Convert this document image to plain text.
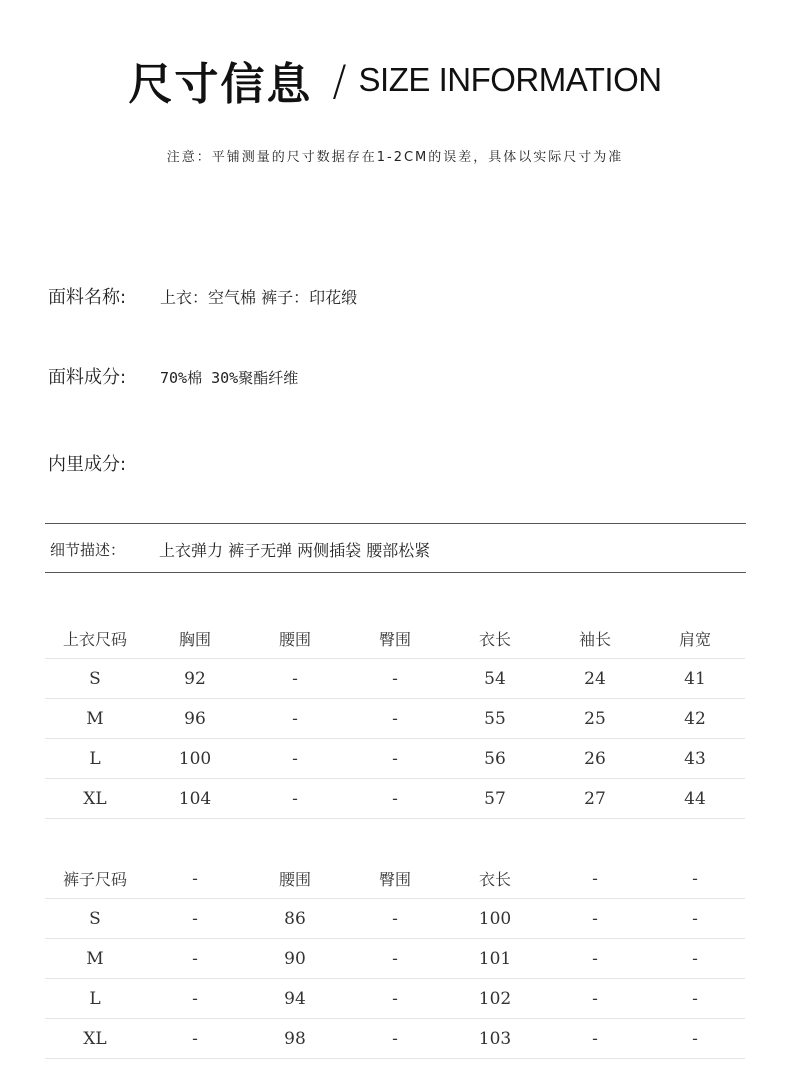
尺寸信息 / SIZE INFORMATION
注意：平铺测量的尺寸数据存在1-2CM的误差，具体以实际尺寸为准
面料名称: 上衣：空气棉 裤子：印花缎
面料成分: 70%棉 30%聚酯纤维
内里成分:
细节描述： 上衣弹力 裤子无弹 两侧插袋 腰部松紧
上衣尺码	胸围	腰围	臀围	衣长	袖长	肩宽
S	92	-	-	54	24	41
M	96	-	-	55	25	42
L	100	-	-	56	26	43
XL	104	-	-	57	27	44
裤子尺码	-	腰围	臀围	衣长	-	-
S	-	86	-	100	-	-
M	-	90	-	101	-	-
L	-	94	-	102	-	-
XL	-	98	-	103	-	-
